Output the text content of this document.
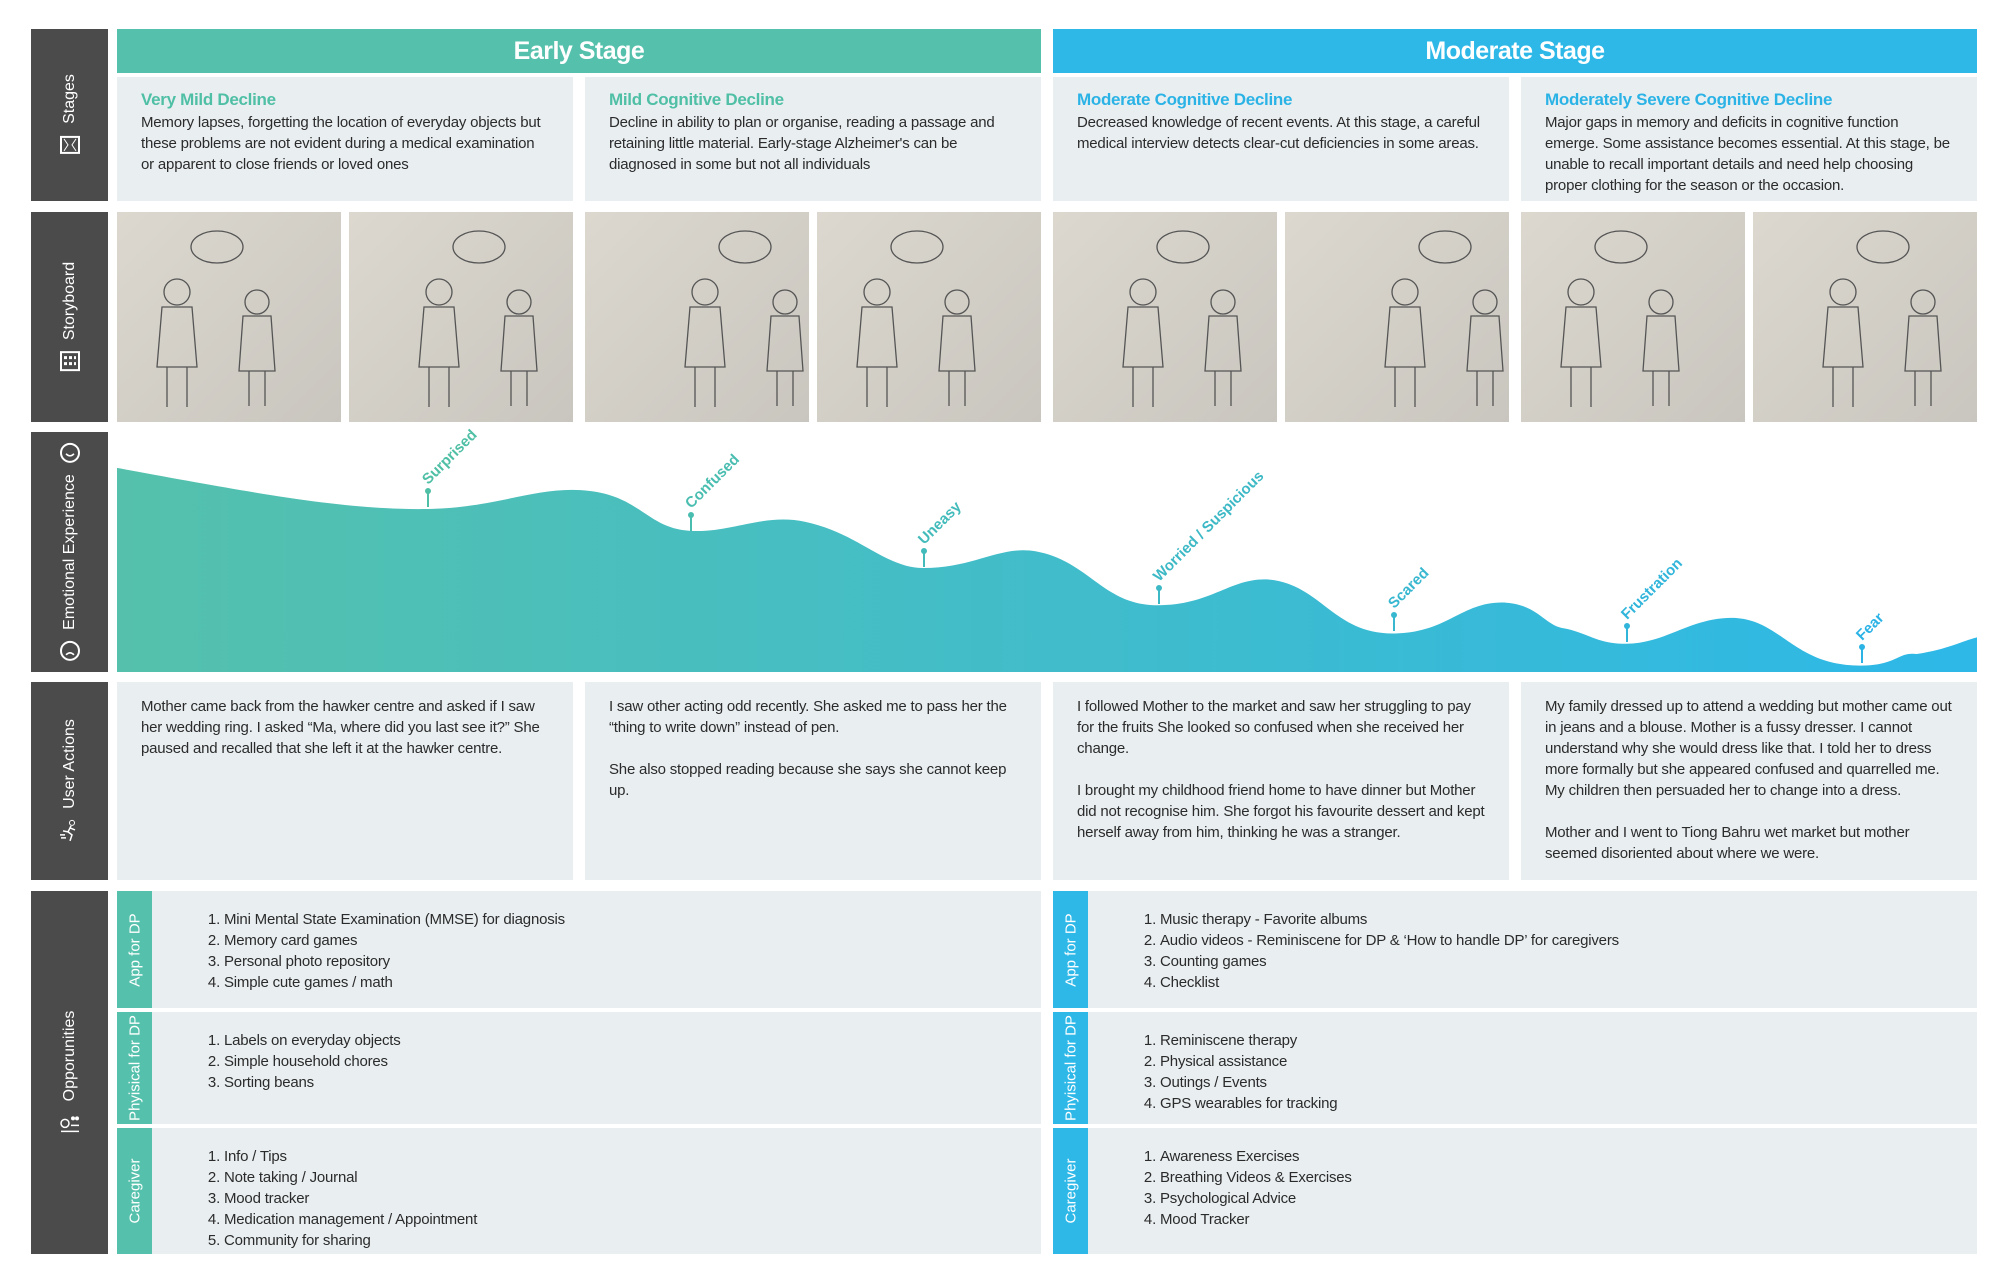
Stages
Storyboard
Emotional Experience
User Actions
Opporunities
Early Stage	Moderate Stage
Very Mild Decline

Memory lapses, forgetting the location of everyday objects but these problems are not evident during a medical examination or apparent to close friends or loved ones

Mild Cognitive Decline

Decline in ability to plan or organise, reading a passage and retaining little material. Early-stage Alzheimer's can be diagnosed in some but not all individuals

Moderate Cognitive Decline

Decreased knowledge of recent events. At this stage, a careful medical interview detects clear-cut deficiencies in some areas.

Moderately Severe Cognitive Decline

Major gaps in memory and deficits in cognitive function emerge. Some assistance becomes essential. At this stage, be unable to recall important details and need help choosing proper clothing for the season or the occasion.

Surprised	Confused
Uneasy	Worried / Suspicious
Scared	Frustration
Fear

Mother came back from the hawker centre and asked if I saw her wedding ring. I asked “Ma, where did you last see it?” She paused and recalled that she left it at the hawker centre.

I saw other acting odd recently. She asked me to pass her the “thing to write down” instead of pen.

She also stopped reading because she says she cannot keep up.

I followed Mother to the market and saw her struggling to pay for the fruits She looked so confused when she received her change.

I brought my childhood friend home to have dinner but Mother did not recognise him. She forgot his favourite dessert and kept herself away from him, thinking he was a stranger.

My family dressed up to attend a wedding but mother came out in jeans and a blouse. Mother is a fussy dresser. I cannot understand why she would dress like that. I told her to dress more formally but she appeared confused and quarrelled me. My children then persuaded her to change into a dress.

Mother and I went to Tiong Bahru wet market but mother seemed disoriented about where we were.

App for DP	1. Mini Mental State Examination (MMSE) for diagnosis
2. Memory card games
3. Personal photo repository
4. Simple cute games / math
Phyisical for DP	1. Labels on everyday objects
2. Simple household chores
3. Sorting beans
Caregiver
1. Info / Tips
2. Note taking / Journal
3. Mood tracker
4. Medication management / Appointment
5. Community for sharing
App for DP	1. Music therapy - Favorite albums
2. Audio videos - Reminiscene for DP & ‘How to handle DP’ for caregivers
3. Counting games
4. Checklist
Phyisical for DP	1. Reminiscene therapy
2. Physical assistance
3. Outings / Events
4. GPS wearables for tracking
Caregiver
1. Awareness Exercises
2. Breathing Videos & Exercises
3. Psychological Advice
4. Mood Tracker
